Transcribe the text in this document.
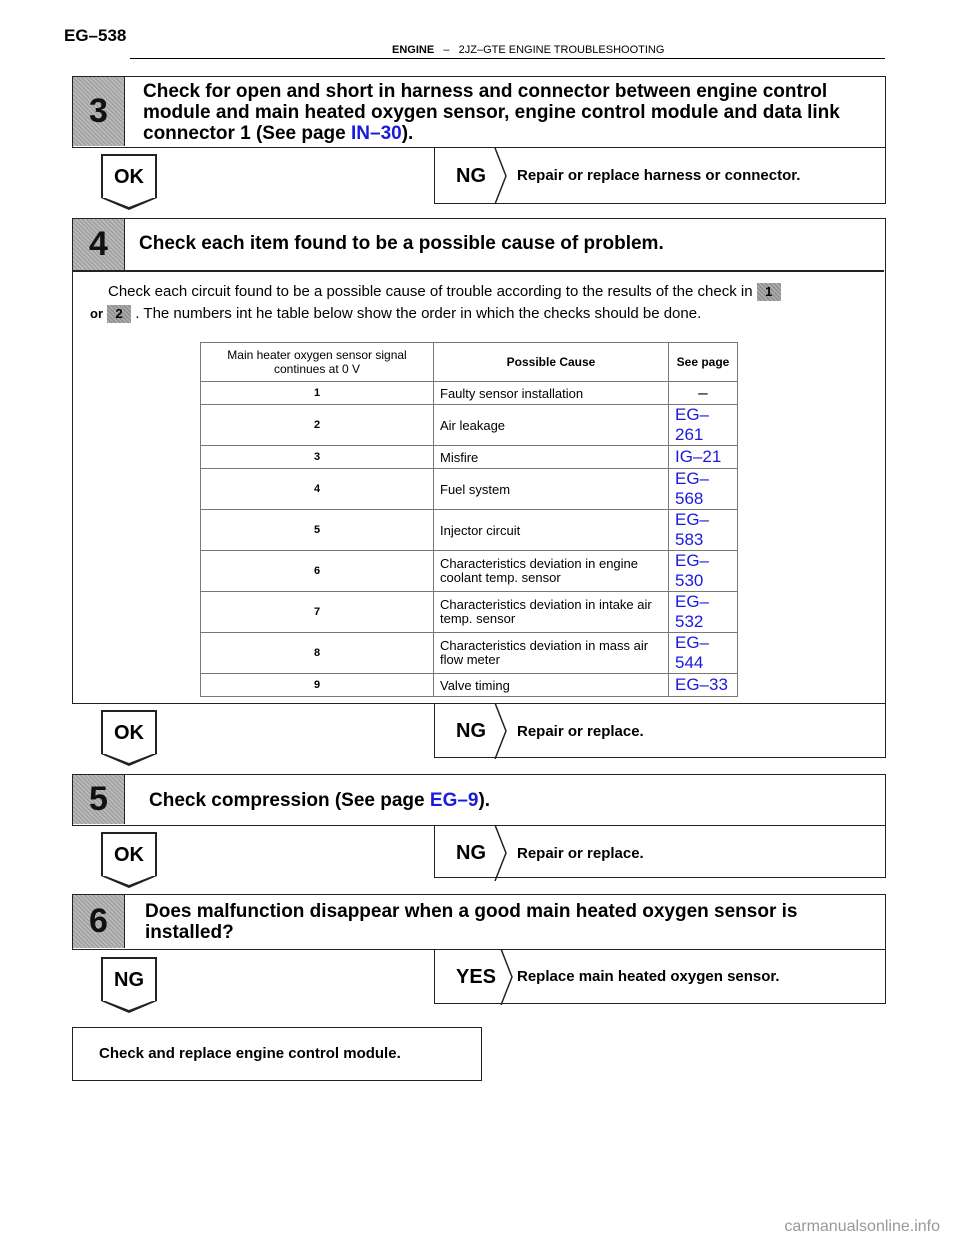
EG–538
ENGINE – 2JZ–GTE ENGINE TROUBLESHOOTING
3
Check for open and short in harness and connector between engine control module and main heated oxygen sensor, engine control module and data link connector 1 (See page IN–30).
OK	NG Repair or replace harness or connector.
4	Check each item found to be a possible cause of problem.
Check each circuit found to be a possible cause of trouble according to the results of the check in 1
or 2 . The numbers int he table below show the order in which the checks should be done.
Main heater oxygen sensor signal continues at 0 V	Possible Cause	See page
1	Faulty sensor installation	–
2	Air leakage	EG–261
3	Misfire	IG–21
4	Fuel system	EG–568
5	Injector circuit	EG–583
6	Characteristics deviation in engine coolant temp. sensor	EG–530
7	Characteristics deviation in intake air temp. sensor	EG–532
8	Characteristics deviation in mass air flow meter	EG–544
9	Valve timing	EG–33
OK	NG Repair or replace.
5	Check compression (See page EG–9).
OK	NG Repair or replace.
6	Does malfunction disappear when a good main heated oxygen sensor is installed?
NG	YES Replace main heated oxygen sensor.
Check and replace engine control module.
carmanualsonline.info
